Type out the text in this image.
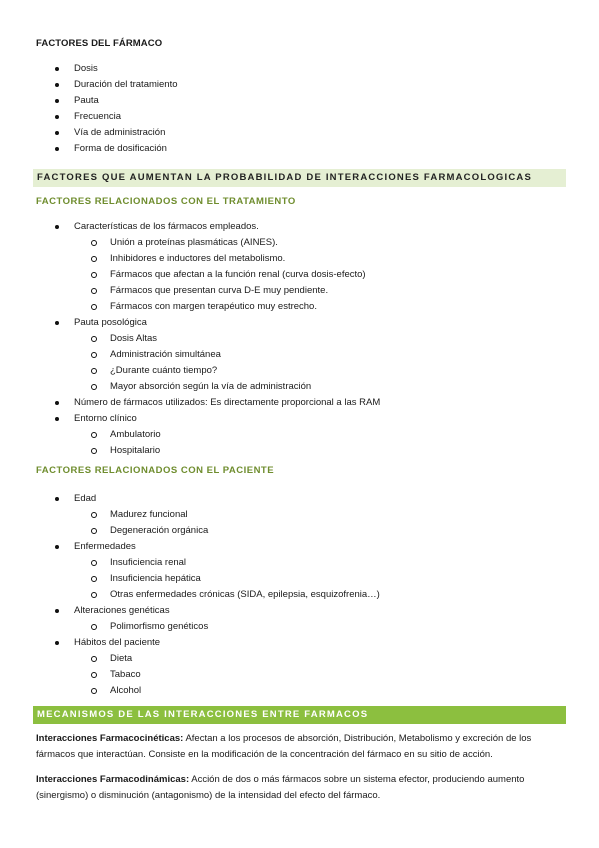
FACTORES DEL FÁRMACO
Dosis
Duración del tratamiento
Pauta
Frecuencia
Vía de administración
Forma de dosificación
FACTORES QUE AUMENTAN LA PROBABILIDAD DE INTERACCIONES FARMACOLOGICAS
FACTORES RELACIONADOS CON EL TRATAMIENTO
Características de los fármacos empleados.
Unión a proteínas plasmáticas (AINES).
Inhibidores e inductores del metabolismo.
Fármacos que afectan a la función renal (curva dosis-efecto)
Fármacos que presentan curva D-E muy pendiente.
Fármacos con margen terapéutico muy estrecho.
Pauta posológica
Dosis Altas
Administración simultánea
¿Durante cuánto tiempo?
Mayor absorción según la vía de administración
Número de fármacos utilizados: Es directamente proporcional a las RAM
Entorno clínico
Ambulatorio
Hospitalario
FACTORES RELACIONADOS CON EL PACIENTE
Edad
Madurez funcional
Degeneración orgánica
Enfermedades
Insuficiencia renal
Insuficiencia hepática
Otras enfermedades crónicas (SIDA, epilepsia, esquizofrenia…)
Alteraciones genéticas
Polimorfismo genéticos
Hábitos del paciente
Dieta
Tabaco
Alcohol
MECANISMOS DE LAS INTERACCIONES ENTRE FARMACOS

Interacciones Farmacocinéticas: Afectan a los procesos de absorción, Distribución, Metabolismo y excreción de los fármacos que interactúan. Consiste en la modificación de la concentración del fármaco en su sitio de acción.

Interacciones Farmacodinámicas: Acción de dos o más fármacos sobre un sistema efector, produciendo aumento (sinergismo) o disminución (antagonismo) de la intensidad del efecto del fármaco.
